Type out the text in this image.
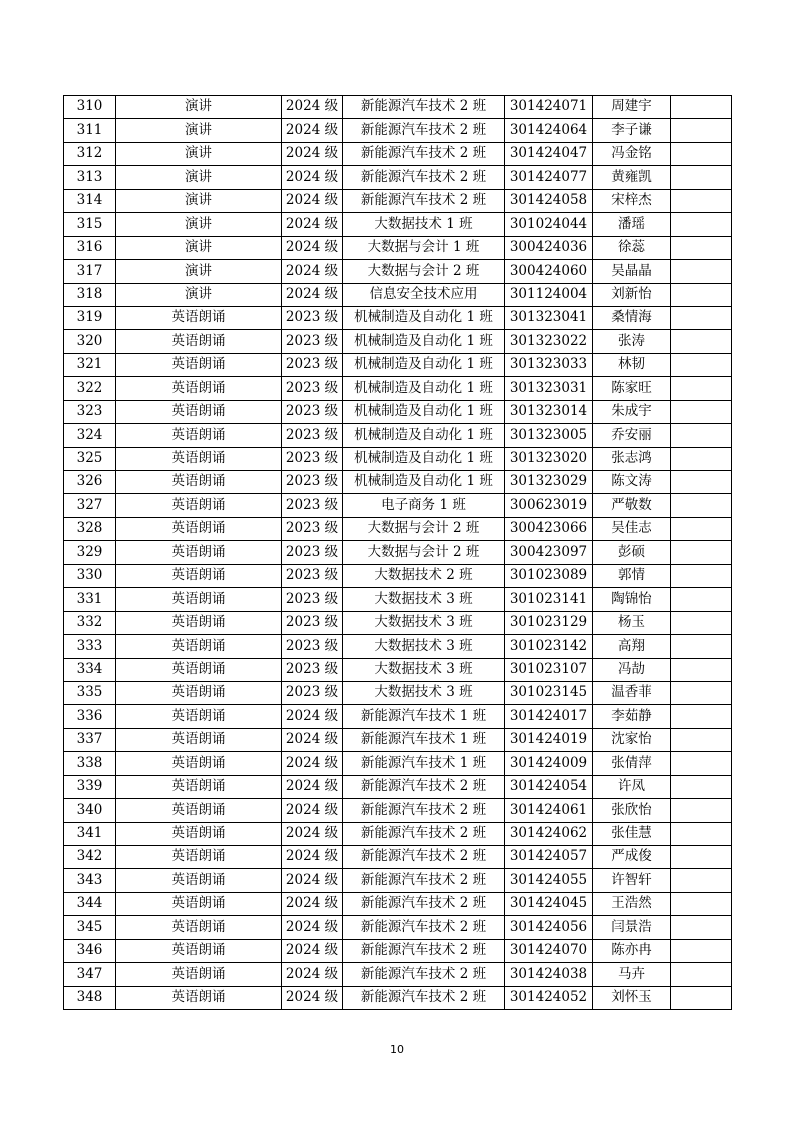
310	演讲	2024 级	新能源汽车技术 2 班	301424071	周建宇	
311	演讲	2024 级	新能源汽车技术 2 班	301424064	李子谦	
312	演讲	2024 级	新能源汽车技术 2 班	301424047	冯金铭	
313	演讲	2024 级	新能源汽车技术 2 班	301424077	黄雍凯	
314	演讲	2024 级	新能源汽车技术 2 班	301424058	宋梓杰	
315	演讲	2024 级	大数据技术 1 班	301024044	潘瑶	
316	演讲	2024 级	大数据与会计 1 班	300424036	徐蕊	
317	演讲	2024 级	大数据与会计 2 班	300424060	吴晶晶	
318	演讲	2024 级	信息安全技术应用	301124004	刘新怡	
319	英语朗诵	2023 级	机械制造及自动化 1 班	301323041	桑情海	
320	英语朗诵	2023 级	机械制造及自动化 1 班	301323022	张涛	
321	英语朗诵	2023 级	机械制造及自动化 1 班	301323033	林韧	
322	英语朗诵	2023 级	机械制造及自动化 1 班	301323031	陈家旺	
323	英语朗诵	2023 级	机械制造及自动化 1 班	301323014	朱成宇	
324	英语朗诵	2023 级	机械制造及自动化 1 班	301323005	乔安丽	
325	英语朗诵	2023 级	机械制造及自动化 1 班	301323020	张志鸿	
326	英语朗诵	2023 级	机械制造及自动化 1 班	301323029	陈文涛	
327	英语朗诵	2023 级	电子商务 1 班	300623019	严敬数	
328	英语朗诵	2023 级	大数据与会计 2 班	300423066	吴佳志	
329	英语朗诵	2023 级	大数据与会计 2 班	300423097	彭硕	
330	英语朗诵	2023 级	大数据技术 2 班	301023089	郭情	
331	英语朗诵	2023 级	大数据技术 3 班	301023141	陶锦怡	
332	英语朗诵	2023 级	大数据技术 3 班	301023129	杨玉	
333	英语朗诵	2023 级	大数据技术 3 班	301023142	高翔	
334	英语朗诵	2023 级	大数据技术 3 班	301023107	冯劼	
335	英语朗诵	2023 级	大数据技术 3 班	301023145	温香菲	
336	英语朗诵	2024 级	新能源汽车技术 1 班	301424017	李茹静	
337	英语朗诵	2024 级	新能源汽车技术 1 班	301424019	沈家怡	
338	英语朗诵	2024 级	新能源汽车技术 1 班	301424009	张倩萍	
339	英语朗诵	2024 级	新能源汽车技术 2 班	301424054	许凤	
340	英语朗诵	2024 级	新能源汽车技术 2 班	301424061	张欣怡	
341	英语朗诵	2024 级	新能源汽车技术 2 班	301424062	张佳慧	
342	英语朗诵	2024 级	新能源汽车技术 2 班	301424057	严成俊	
343	英语朗诵	2024 级	新能源汽车技术 2 班	301424055	许智轩	
344	英语朗诵	2024 级	新能源汽车技术 2 班	301424045	王浩然	
345	英语朗诵	2024 级	新能源汽车技术 2 班	301424056	闫景浩	
346	英语朗诵	2024 级	新能源汽车技术 2 班	301424070	陈亦冉	
347	英语朗诵	2024 级	新能源汽车技术 2 班	301424038	马卉	
348	英语朗诵	2024 级	新能源汽车技术 2 班	301424052	刘怀玉	
10
